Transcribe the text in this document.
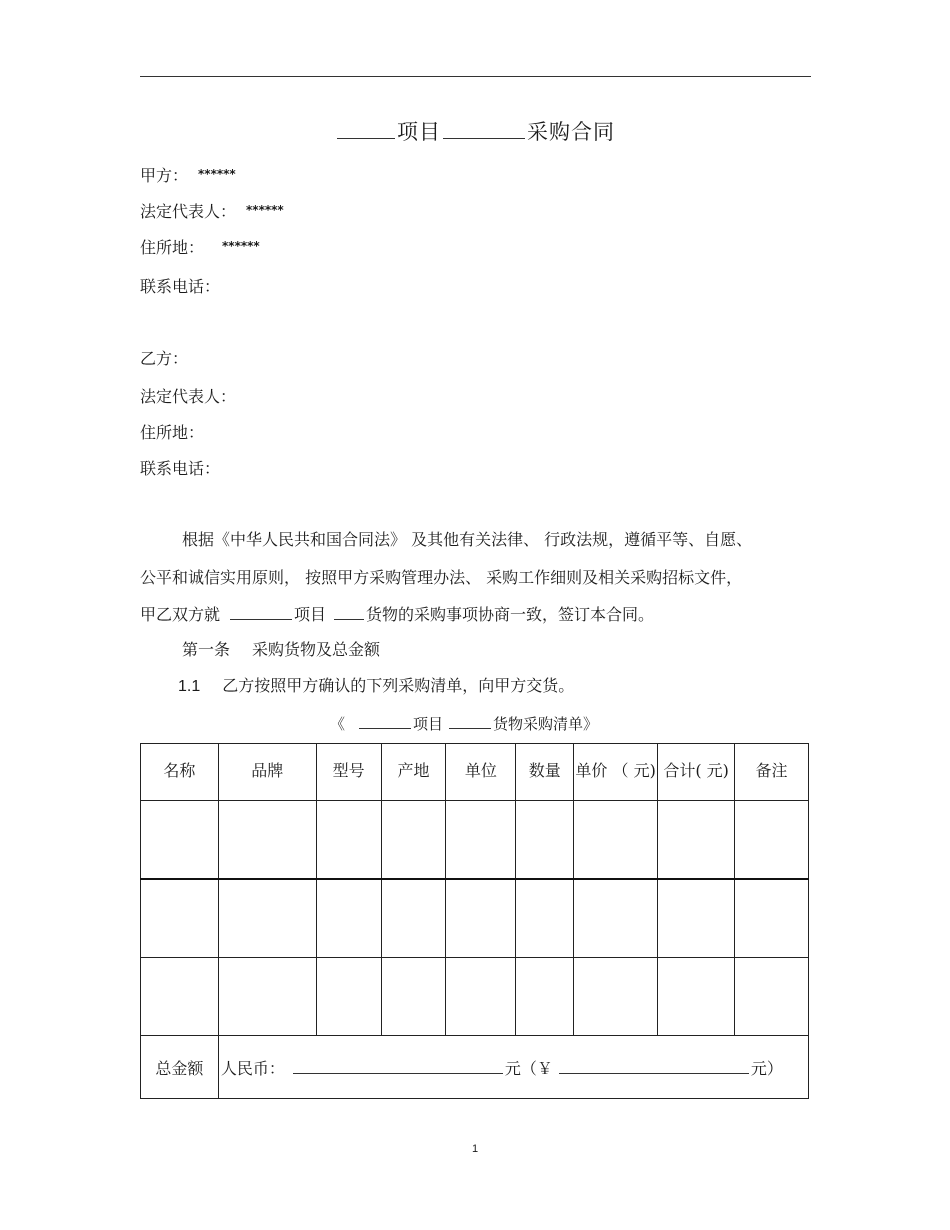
项目	采购合同
甲方： ******
法定代表人： ******
住所地： ******
联系电话：
乙方：
法定代表人：
住所地：
联系电话：
根据《中华人民共和国合同法》 及其他有关法律、 行政法规，遵循平等、自愿、
公平和诚信实用原则， 按照甲方采购管理办法、 采购工作细则及相关采购招标文件，
甲乙双方就	项目	货物的采购事项协商一致，签订本合同。
第一条 采购货物及总金额
1.1 乙方按照甲方确认的下列采购清单，向甲方交货。
《	项目	货物采购清单》
名称	品牌	型号	产地	单位	数量	单价 （ 元)	合计( 元)	备注

总金额	人民币： 元（￥ 元）							
1
